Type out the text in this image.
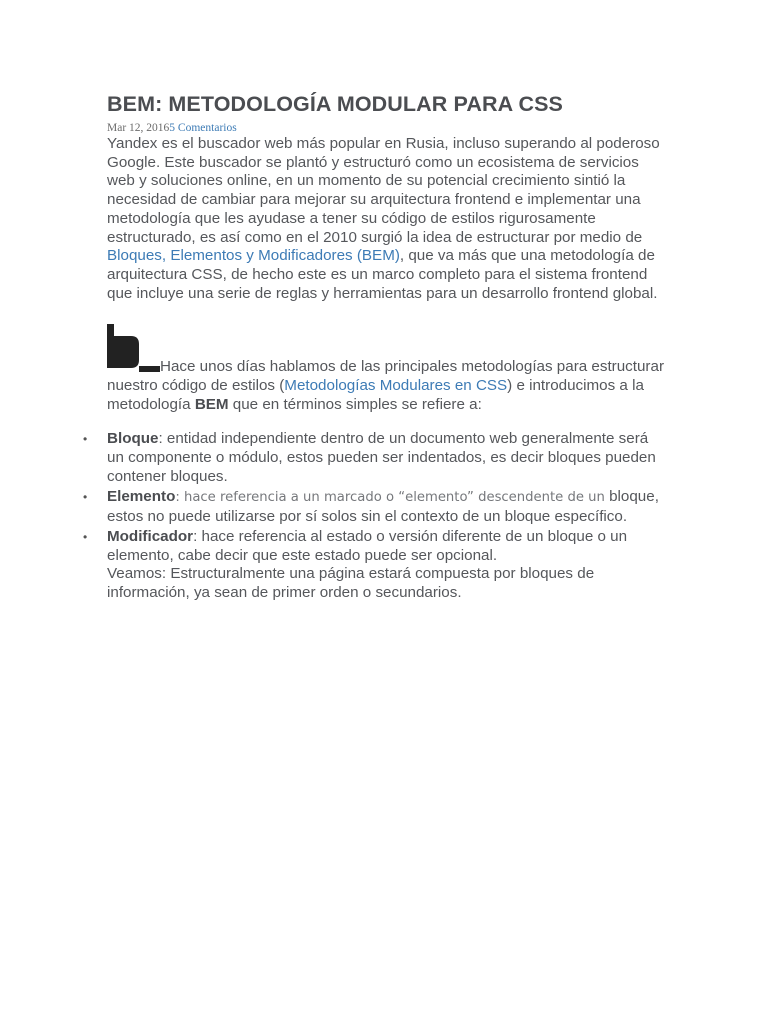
BEM: METODOLOGÍA MODULAR PARA CSS
Mar 12, 20165 Comentarios

Yandex es el buscador web más popular en Rusia, incluso superando al poderoso Google. Este buscador se plantó y estructuró como un ecosistema de servicios web y soluciones online, en un momento de su potencial crecimiento sintió la necesidad de cambiar para mejorar su arquitectura frontend e implementar una metodología que les ayudase a tener su código de estilos rigurosamente estructurado, es así como en el 2010 surgió la idea de estructurar por medio de Bloques, Elementos y Modificadores (BEM), que va más que una metodología de arquitectura CSS, de hecho este es un marco completo para el sistema frontend que incluye una serie de reglas y herramientas para un desarrollo frontend global.

Hace unos días hablamos de las principales metodologías para estructurar nuestro código de estilos (Metodologías Modulares en CSS) e introducimos a la metodología BEM que en términos simples se refiere a:

• Bloque: entidad independiente dentro de un documento web generalmente será un componente o módulo, estos pueden ser indentados, es decir bloques pueden contener bloques.
• Elemento: hace referencia a un marcado o “elemento” descendente de un bloque, estos no puede utilizarse por sí solos sin el contexto de un bloque específico.
• Modificador: hace referencia al estado o versión diferente de un bloque o un elemento, cabe decir que este estado puede ser opcional.
Veamos: Estructuralmente una página estará compuesta por bloques de información, ya sean de primer orden o secundarios.
